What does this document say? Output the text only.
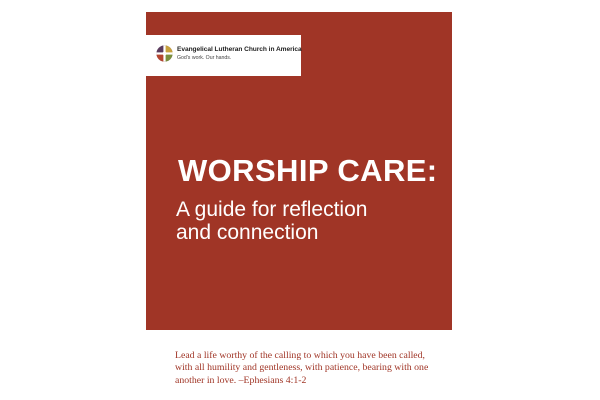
Evangelical Lutheran Church in America
God's work. Our hands.
WORSHIP CARE:
A guide for reflection
and connection
Lead a life worthy of the calling to which you have been called,
with all humility and gentleness, with patience, bearing with one
another in love. –Ephesians 4:1-2
